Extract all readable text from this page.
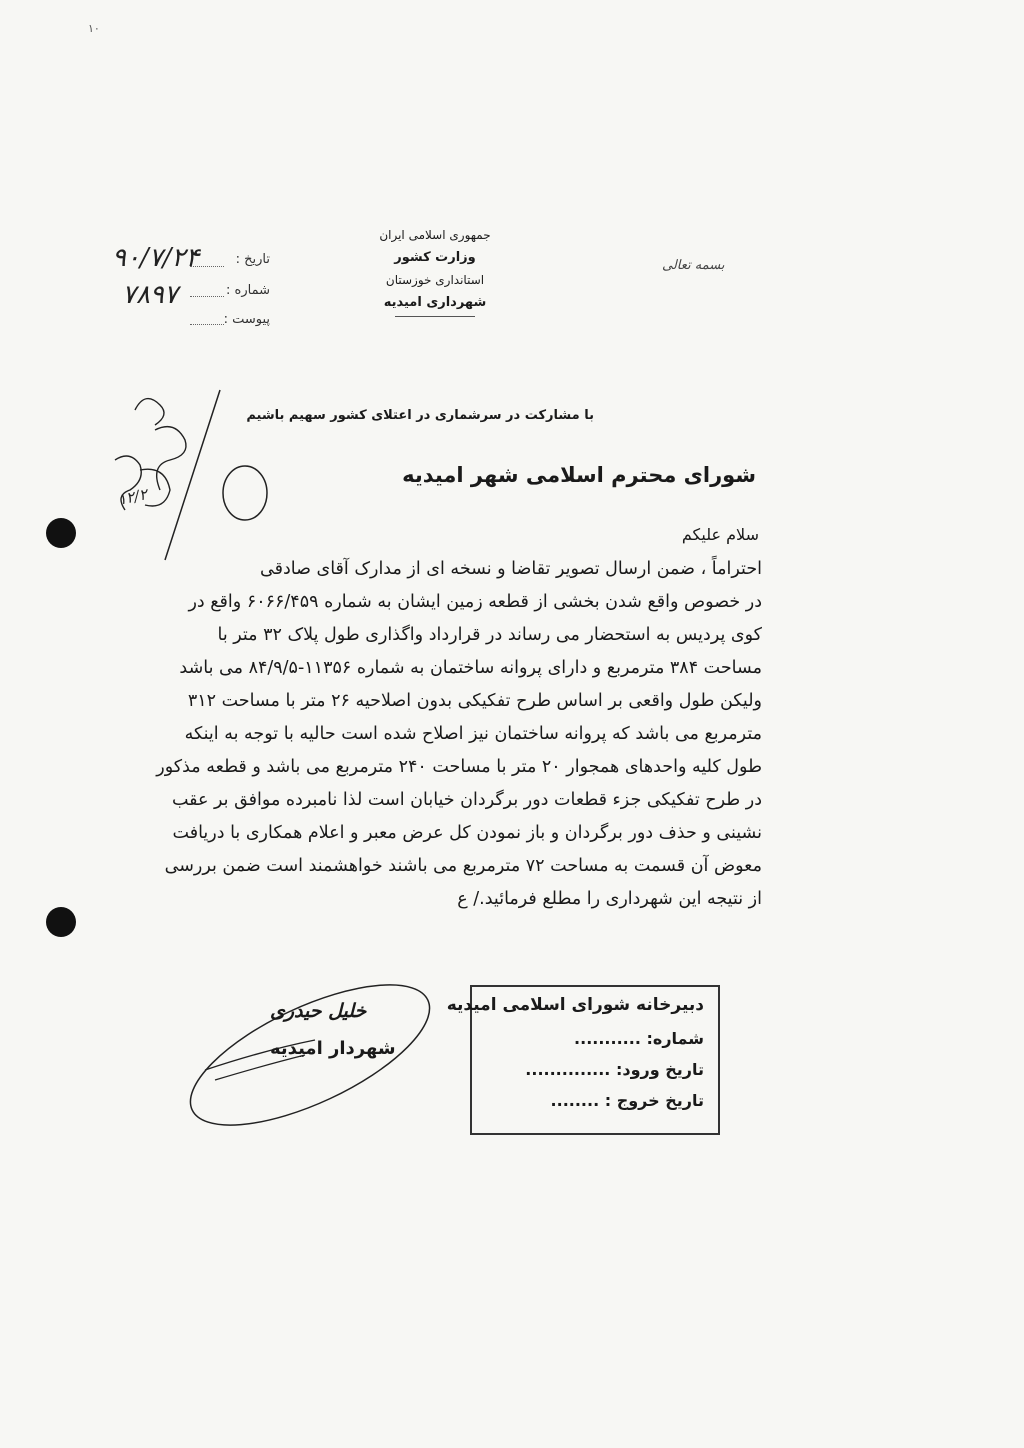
۱۰
جمهوری اسلامی ایران
وزارت کشور
استانداری خوزستان
شهرداری امیدیه
بسمه تعالی
تاریخ :
۹۰/۷/۲۴
شماره :
۷۸۹۷
پیوست :
۱۲/۲
با مشارکت در سرشماری در اعتلای کشور سهیم باشیم
شورای محترم اسلامی شهر امیدیه
سلام علیکم
احتراماً ، ضمن ارسال تصویر تقاضا و نسخه ای از مدارک آقای صادقی
در خصوص واقع شدن بخشی از قطعه زمین ایشان به شماره ۶۰۶۶/۴۵۹ واقع در
کوی پردیس به استحضار می رساند در قرارداد واگذاری طول پلاک ۳۲ متر با
مساحت ۳۸۴ مترمربع و دارای پروانه ساختمان به شماره ۱۱۳۵۶-۸۴/۹/۵ می باشد
ولیکن طول واقعی بر اساس طرح تفکیکی بدون اصلاحیه ۲۶ متر با مساحت ۳۱۲
مترمربع می باشد که پروانه ساختمان نیز اصلاح شده است حالیه با توجه به اینکه
طول کلیه واحدهای همجوار ۲۰ متر با مساحت ۲۴۰ مترمربع می باشد و قطعه مذکور
در طرح تفکیکی جزء قطعات دور برگردان خیابان است لذا نامبرده موافق بر عقب
نشینی و حذف دور برگردان و باز نمودن کل عرض معبر و اعلام همکاری با دریافت
معوض آن قسمت به مساحت ۷۲ مترمربع می باشند خواهشمند است ضمن بررسی
از نتیجه این شهرداری را مطلع فرمائید./ ع
خلیل حیدری
شهردار امیدیه
دبیرخانه شورای اسلامی امیدیه
شماره: ...........
تاریخ ورود: ..............
تاریخ خروج : ........
